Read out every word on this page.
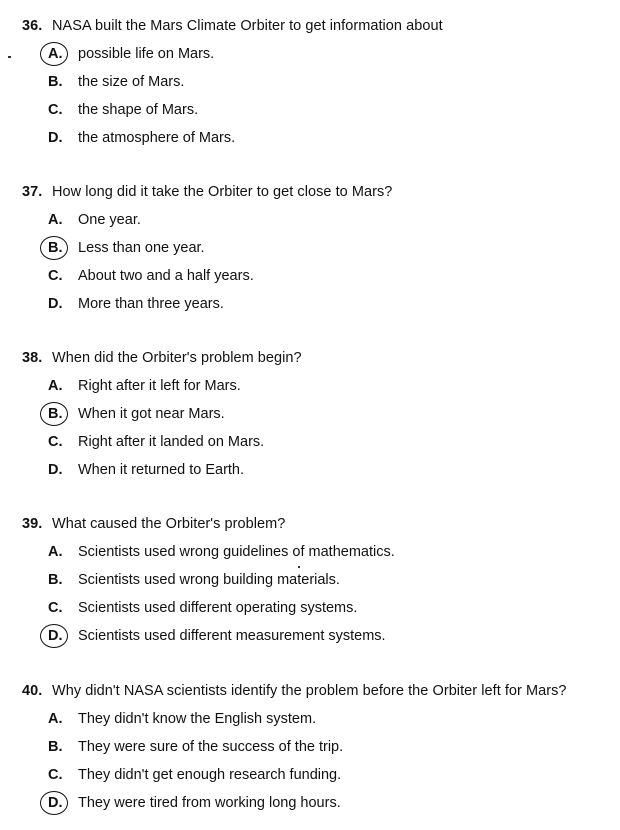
36. NASA built the Mars Climate Orbiter to get information about
A. possible life on Mars.
B. the size of Mars.
C. the shape of Mars.
D. the atmosphere of Mars.
37. How long did it take the Orbiter to get close to Mars?
A. One year.
B. Less than one year.
C. About two and a half years.
D. More than three years.
38. When did the Orbiter's problem begin?
A. Right after it left for Mars.
B. When it got near Mars.
C. Right after it landed on Mars.
D. When it returned to Earth.
39. What caused the Orbiter's problem?
A. Scientists used wrong guidelines of mathematics.
B. Scientists used wrong building materials.
C. Scientists used different operating systems.
D. Scientists used different measurement systems.
40. Why didn't NASA scientists identify the problem before the Orbiter left for Mars?
A. They didn't know the English system.
B. They were sure of the success of the trip.
C. They didn't get enough research funding.
D. They were tired from working long hours.
